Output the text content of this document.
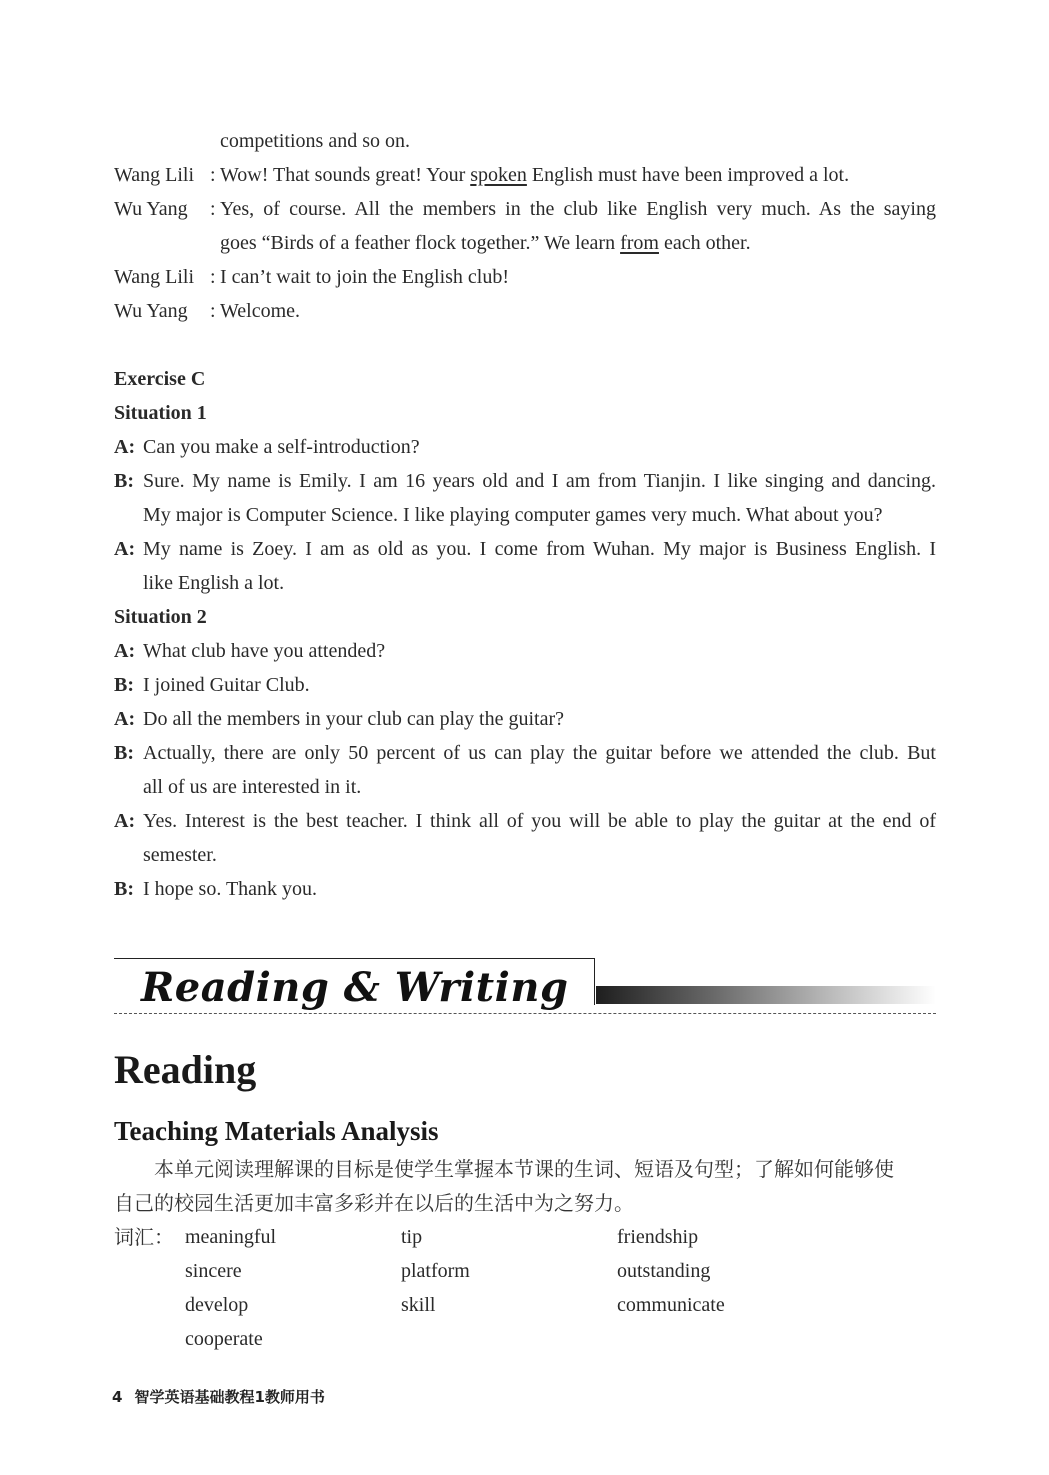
competitions and so on.
Wang Lili : Wow! That sounds great! Your spoken English must have been improved a lot.
Wu Yang : Yes, of course. All the members in the club like English very much. As the saying
goes “Birds of a feather flock together.” We learn from each other.
Wang Lili : I can’t wait to join the English club!
Wu Yang : Welcome.
Exercise C
Situation 1
A: Can you make a self-introduction?
B: Sure. My name is Emily. I am 16 years old and I am from Tianjin. I like singing and dancing.
My major is Computer Science. I like playing computer games very much. What about you?
A: My name is Zoey. I am as old as you. I come from Wuhan. My major is Business English. I
like English a lot.
Situation 2
A: What club have you attended?
B: I joined Guitar Club.
A: Do all the members in your club can play the guitar?
B: Actually, there are only 50 percent of us can play the guitar before we attended the club. But
all of us are interested in it.
A: Yes. Interest is the best teacher. I think all of you will be able to play the guitar at the end of
semester.
B: I hope so. Thank you.
Reading & Writing
Reading
Teaching Materials Analysis
本单元阅读理解课的目标是使学生掌握本节课的生词、短语及句型；了解如何能够使
自己的校园生活更加丰富多彩并在以后的生活中为之努力。
词汇： meaningful	tip	friendship
sincere	platform	outstanding
develop	skill	communicate
cooperate
4 智学英语基础教程1教师用书
